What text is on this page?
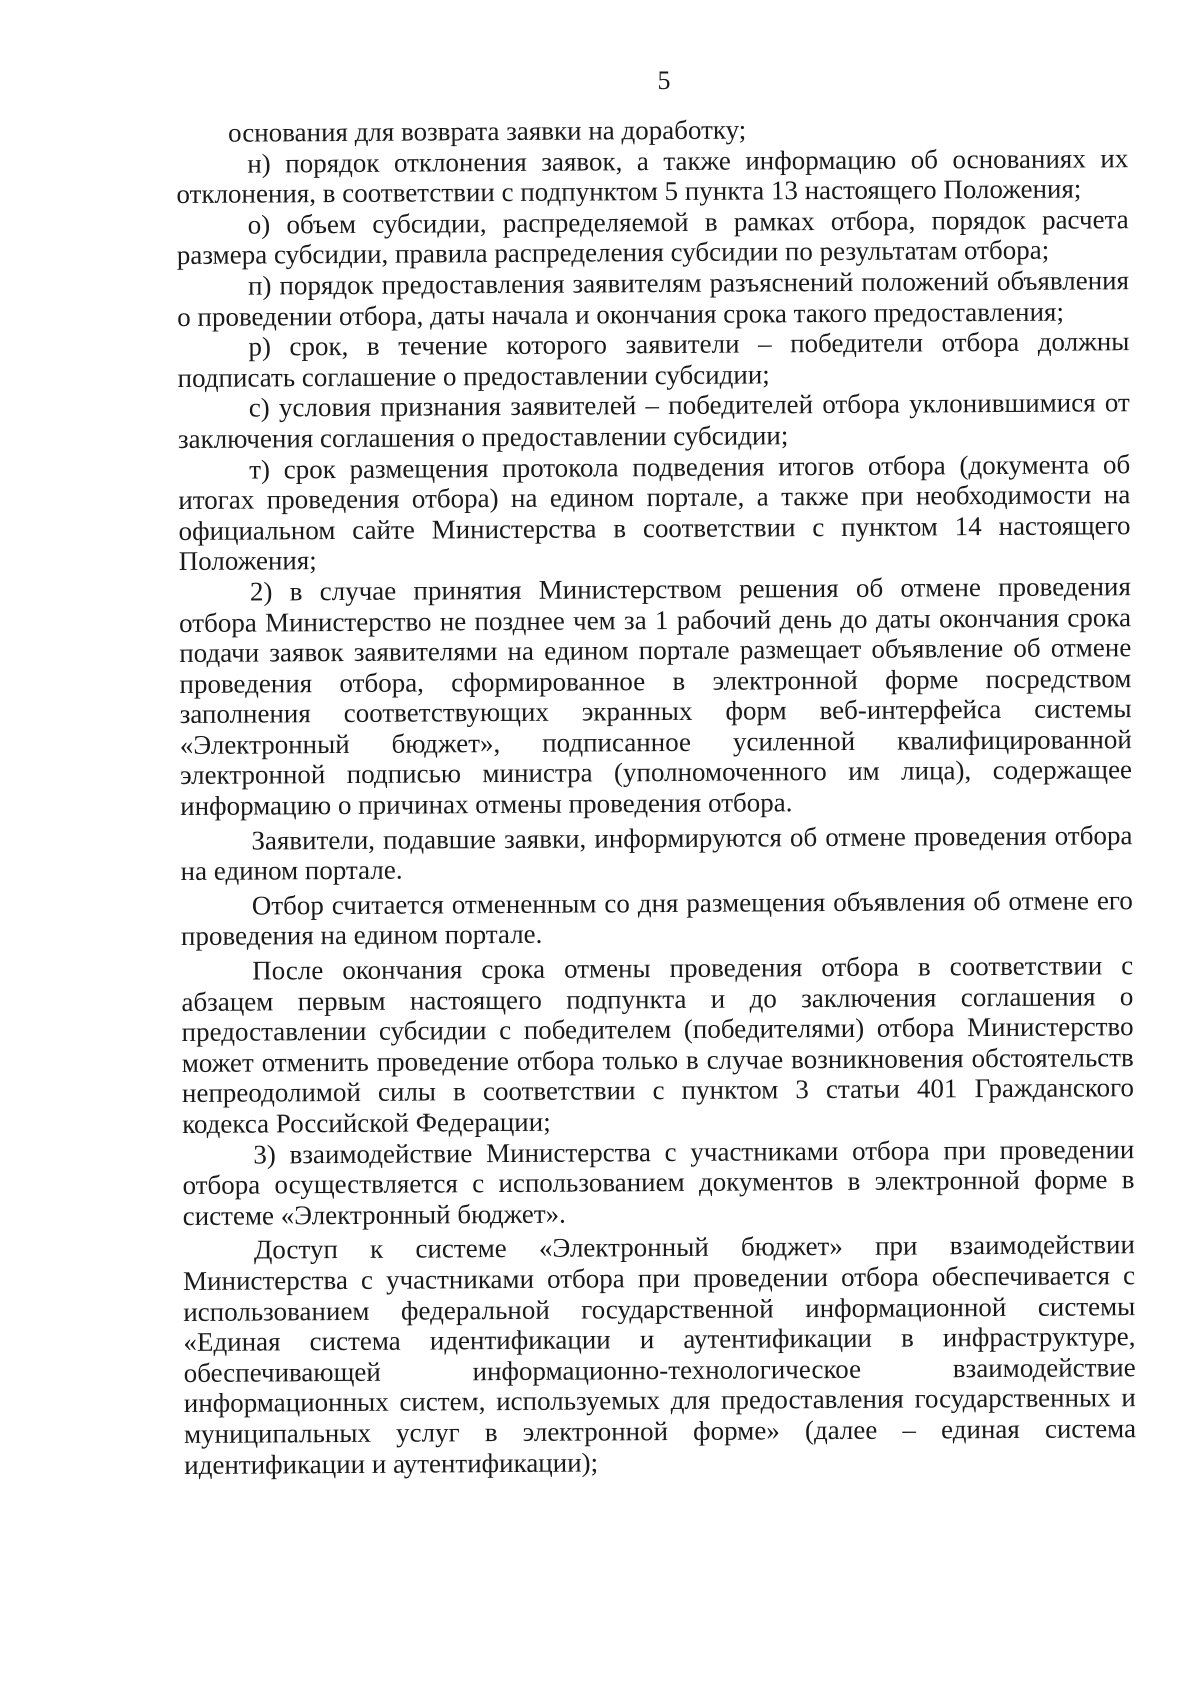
5

основания для возврата заявки на доработку;

н) порядок отклонения заявок, а также информацию об основаниях их отклонения, в соответствии с подпунктом 5 пункта 13 настоящего Положения;

о) объем субсидии, распределяемой в рамках отбора, порядок расчета размера субсидии, правила распределения субсидии по результатам отбора;

п) порядок предоставления заявителям разъяснений положений объявления о проведении отбора, даты начала и окончания срока такого предоставления;

р) срок, в течение которого заявители – победители отбора должны подписать соглашение о предоставлении субсидии;

с) условия признания заявителей – победителей отбора уклонившимися от заключения соглашения о предоставлении субсидии;

т) срок размещения протокола подведения итогов отбора (документа об итогах проведения отбора) на едином портале, а также при необходимости на официальном сайте Министерства в соответствии с пунктом 14 настоящего Положения;

2) в случае принятия Министерством решения об отмене проведения отбора Министерство не позднее чем за 1 рабочий день до даты окончания срока подачи заявок заявителями на едином портале размещает объявление об отмене проведения отбора, сформированное в электронной форме посредством заполнения соответствующих экранных форм веб-интерфейса системы «Электронный бюджет», подписанное усиленной квалифицированной электронной подписью министра (уполномоченного им лица), содержащее информацию о причинах отмены проведения отбора.

Заявители, подавшие заявки, информируются об отмене проведения отбора на едином портале.

Отбор считается отмененным со дня размещения объявления об отмене его проведения на едином портале.

После окончания срока отмены проведения отбора в соответствии с абзацем первым настоящего подпункта и до заключения соглашения о предоставлении субсидии с победителем (победителями) отбора Министерство может отменить проведение отбора только в случае возникновения обстоятельств непреодолимой силы в соответствии с пунктом 3 статьи 401 Гражданского кодекса Российской Федерации;

3) взаимодействие Министерства с участниками отбора при проведении отбора осуществляется с использованием документов в электронной форме в системе «Электронный бюджет».

Доступ к системе «Электронный бюджет» при взаимодействии Министерства с участниками отбора при проведении отбора обеспечивается с использованием федеральной государственной информационной системы «Единая система идентификации и аутентификации в инфраструктуре, обеспечивающей информационно-технологическое взаимодействие информационных систем, используемых для предоставления государственных и муниципальных услуг в электронной форме» (далее – единая система идентификации и аутентификации);
